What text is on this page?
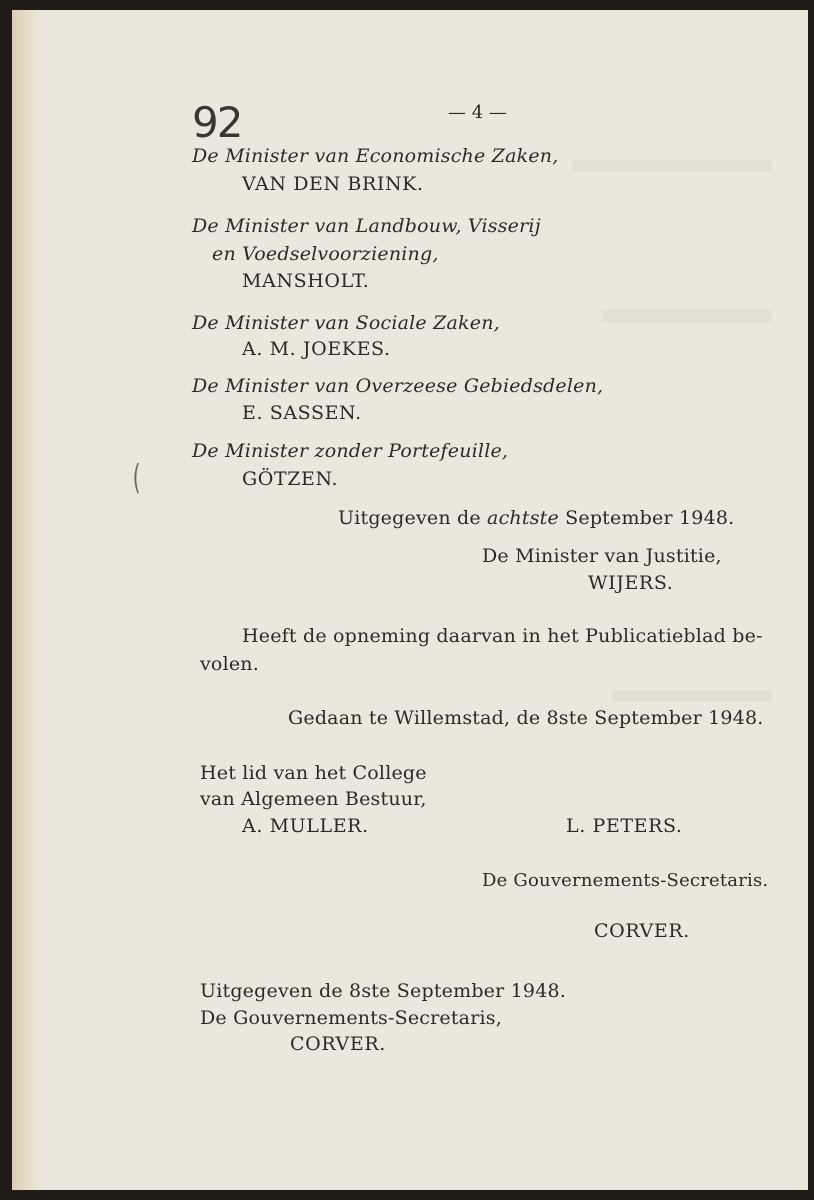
92	— 4 —
De Minister van Economische Zaken,
VAN DEN BRINK.
De Minister van Landbouw, Visserij
en Voedselvoorziening,
MANSHOLT.
De Minister van Sociale Zaken,
A. M. JOEKES.
De Minister van Overzeese Gebiedsdelen,
E. SASSEN.
De Minister zonder Portefeuille,
GÖTZEN.
(
Uitgegeven de achtste September 1948.
De Minister van Justitie,
WIJERS.
Heeft de opneming daarvan in het Publicatieblad be-
volen.
Gedaan te Willemstad, de 8ste September 1948.
Het lid van het College
van Algemeen Bestuur,
A. MULLER.	L. PETERS.
De Gouvernements-Secretaris.
CORVER.
Uitgegeven de 8ste September 1948.
De Gouvernements-Secretaris,
CORVER.
